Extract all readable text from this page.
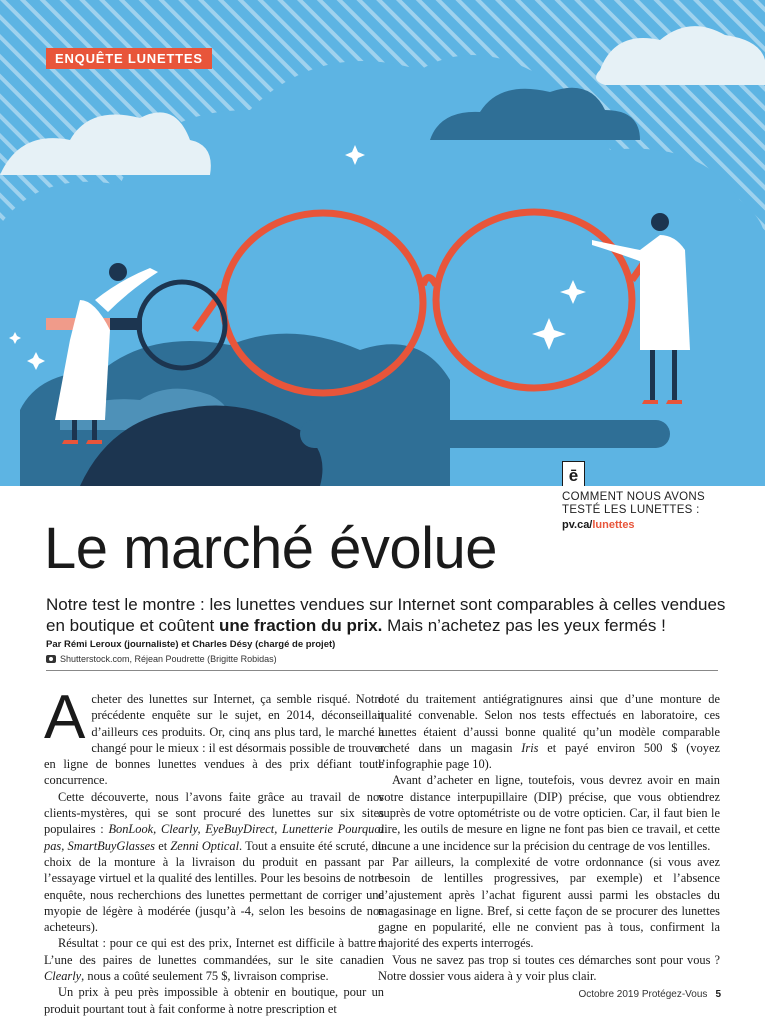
ENQUÊTE LUNETTES
ē
COMMENT NOUS AVONS TESTÉ LES LUNETTES :
pv.ca/lunettes
Le marché évolue

Notre test le montre : les lunettes vendues sur Internet sont comparables à celles vendues en boutique et coûtent une fraction du prix. Mais n’achetez pas les yeux fermés !

Par Rémi Leroux (journaliste) et Charles Désy (chargé de projet)
Shutterstock.com, Réjean Poudrette (Brigitte Robidas)

Acheter des lunettes sur Internet, ça semble risqué. Notre précédente enquête sur le sujet, en 2014, déconseillait d’ailleurs ces produits. Or, cinq ans plus tard, le marché a changé pour le mieux : il est désormais possible de trouver en ligne de bonnes lunettes vendues à des prix défiant toute concurrence.

Cette découverte, nous l’avons faite grâce au travail de nos clients-mystères, qui se sont procuré des lunettes sur six sites populaires : BonLook, Clearly, EyeBuyDirect, Lunetterie Pourquoi pas, SmartBuyGlasses et Zenni Optical. Tout a ensuite été scruté, du choix de la monture à la livraison du produit en passant par l’essayage virtuel et la qualité des lentilles. Pour les besoins de notre enquête, nous recherchions des lunettes permettant de corriger une myopie de légère à modérée (jusqu’à -4, selon les besoins de nos acheteurs).

Résultat : pour ce qui est des prix, Internet est difficile à battre ! L’une des paires de lunettes commandées, sur le site canadien Clearly, nous a coûté seulement 75 $, livraison comprise.

Un prix à peu près impossible à obtenir en boutique, pour un produit pourtant tout à fait conforme à notre prescription et

doté du traitement antiégratignures ainsi que d’une monture de qualité convenable. Selon nos tests effectués en laboratoire, ces lunettes étaient d’aussi bonne qualité qu’un modèle comparable acheté dans un magasin Iris et payé environ 500 $ (voyez l’infographie page 10).

Avant d’acheter en ligne, toutefois, vous devrez avoir en main votre distance interpupillaire (DIP) précise, que vous obtiendrez auprès de votre optométriste ou de votre opticien. Car, il faut bien le dire, les outils de mesure en ligne ne font pas bien ce travail, et cette lacune a une incidence sur la précision du centrage de vos lentilles.

Par ailleurs, la complexité de votre ordonnance (si vous avez besoin de lentilles progressives, par exemple) et l’absence d’ajustement après l’achat figurent aussi parmi les obstacles du magasinage en ligne. Bref, si cette façon de se procurer des lunettes gagne en popularité, elle ne convient pas à tous, confirment la majorité des experts interrogés.

Vous ne savez pas trop si toutes ces démarches sont pour vous ? Notre dossier vous aidera à y voir plus clair.

Octobre 2019 Protégez-Vous 5
